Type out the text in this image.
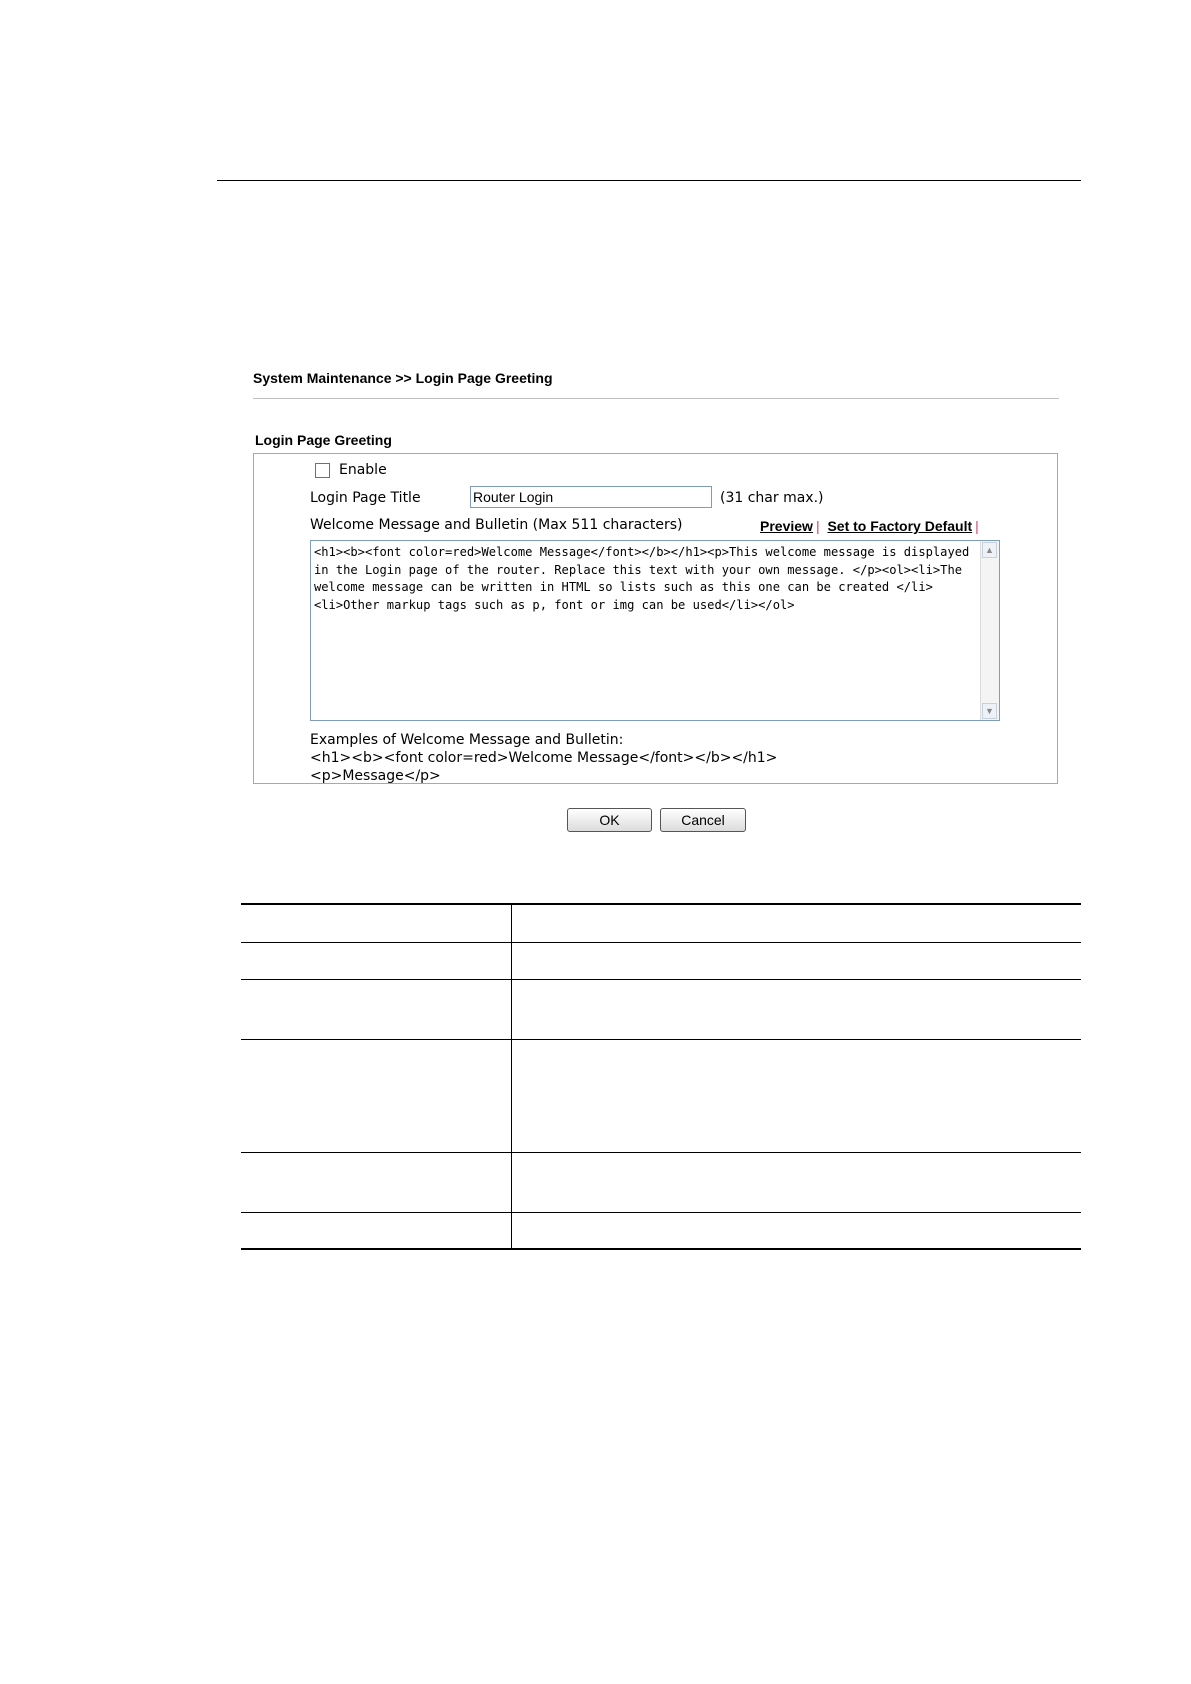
System Maintenance >> Login Page Greeting
Login Page Greeting
Enable
Login Page Title	Router Login	(31 char max.)
Welcome Message and Bulletin (Max 511 characters)	Preview | Set to Factory Default |
<h1><b><font color=red>Welcome Message</font></b></h1><p>This welcome message is displayed in the Login page of the router. Replace this text with your own message. </p><ol><li>The welcome message can be written in HTML so lists such as this one can be created </li><li>Other markup tags such as p, font or img can be used</li></ol>
▲
▼
Examples of Welcome Message and Bulletin:
<h1><b><font color=red>Welcome Message</font></b></h1>
<p>Message</p>
OK	Cancel
